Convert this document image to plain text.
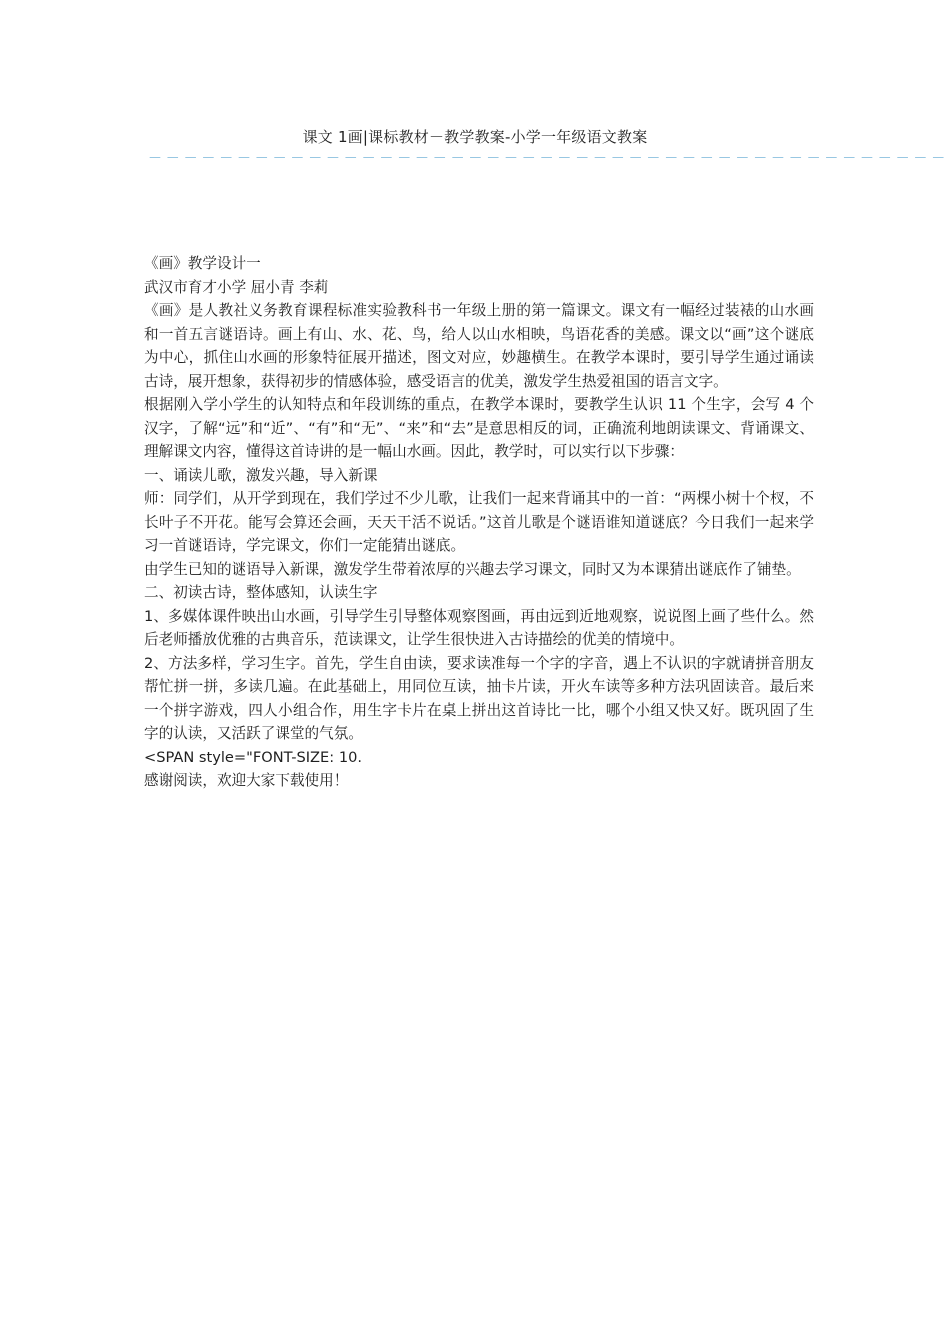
课文 1画|课标教材－教学教案-小学一年级语文教案
－－－－－－－－－－－－－－－－－－－－－－－－－－－－－－－－－－－－－－－－－－－－－

《画》教学设计一

武汉市育才小学 屈小青 李莉

《画》是人教社义务教育课程标准实验教科书一年级上册的第一篇课文。课文有一幅经过装裱的山水画和一首五言谜语诗。画上有山、水、花、鸟，给人以山水相映，鸟语花香的美感。课文以“画”这个谜底为中心，抓住山水画的形象特征展开描述，图文对应，妙趣横生。在教学本课时，要引导学生通过诵读古诗，展开想象，获得初步的情感体验，感受语言的优美，激发学生热爱祖国的语言文字。

根据刚入学小学生的认知特点和年段训练的重点，在教学本课时，要教学生认识 11 个生字，会写 4 个汉字，了解“远”和“近”、“有”和“无”、“来”和“去”是意思相反的词，正确流利地朗读课文、背诵课文、理解课文内容，懂得这首诗讲的是一幅山水画。因此，教学时，可以实行以下步骤：

一、诵读儿歌，激发兴趣，导入新课

师：同学们，从开学到现在，我们学过不少儿歌，让我们一起来背诵其中的一首：“两棵小树十个杈，不长叶子不开花。能写会算还会画，天天干活不说话。”这首儿歌是个谜语谁知道谜底？今日我们一起来学习一首谜语诗，学完课文，你们一定能猜出谜底。

由学生已知的谜语导入新课，激发学生带着浓厚的兴趣去学习课文，同时又为本课猜出谜底作了铺垫。

二、初读古诗，整体感知，认读生字

1、多媒体课件映出山水画，引导学生引导整体观察图画，再由远到近地观察，说说图上画了些什么。然后老师播放优雅的古典音乐，范读课文，让学生很快进入古诗描绘的优美的情境中。

2、方法多样，学习生字。首先，学生自由读，要求读准每一个字的字音，遇上不认识的字就请拼音朋友帮忙拼一拼，多读几遍。在此基础上，用同位互读，抽卡片读，开火车读等多种方法巩固读音。最后来一个拼字游戏，四人小组合作，用生字卡片在桌上拼出这首诗比一比，哪个小组又快又好。既巩固了生字的认读，又活跃了课堂的气氛。

<SPAN style="FONT-SIZE: 10.

感谢阅读，欢迎大家下载使用！
